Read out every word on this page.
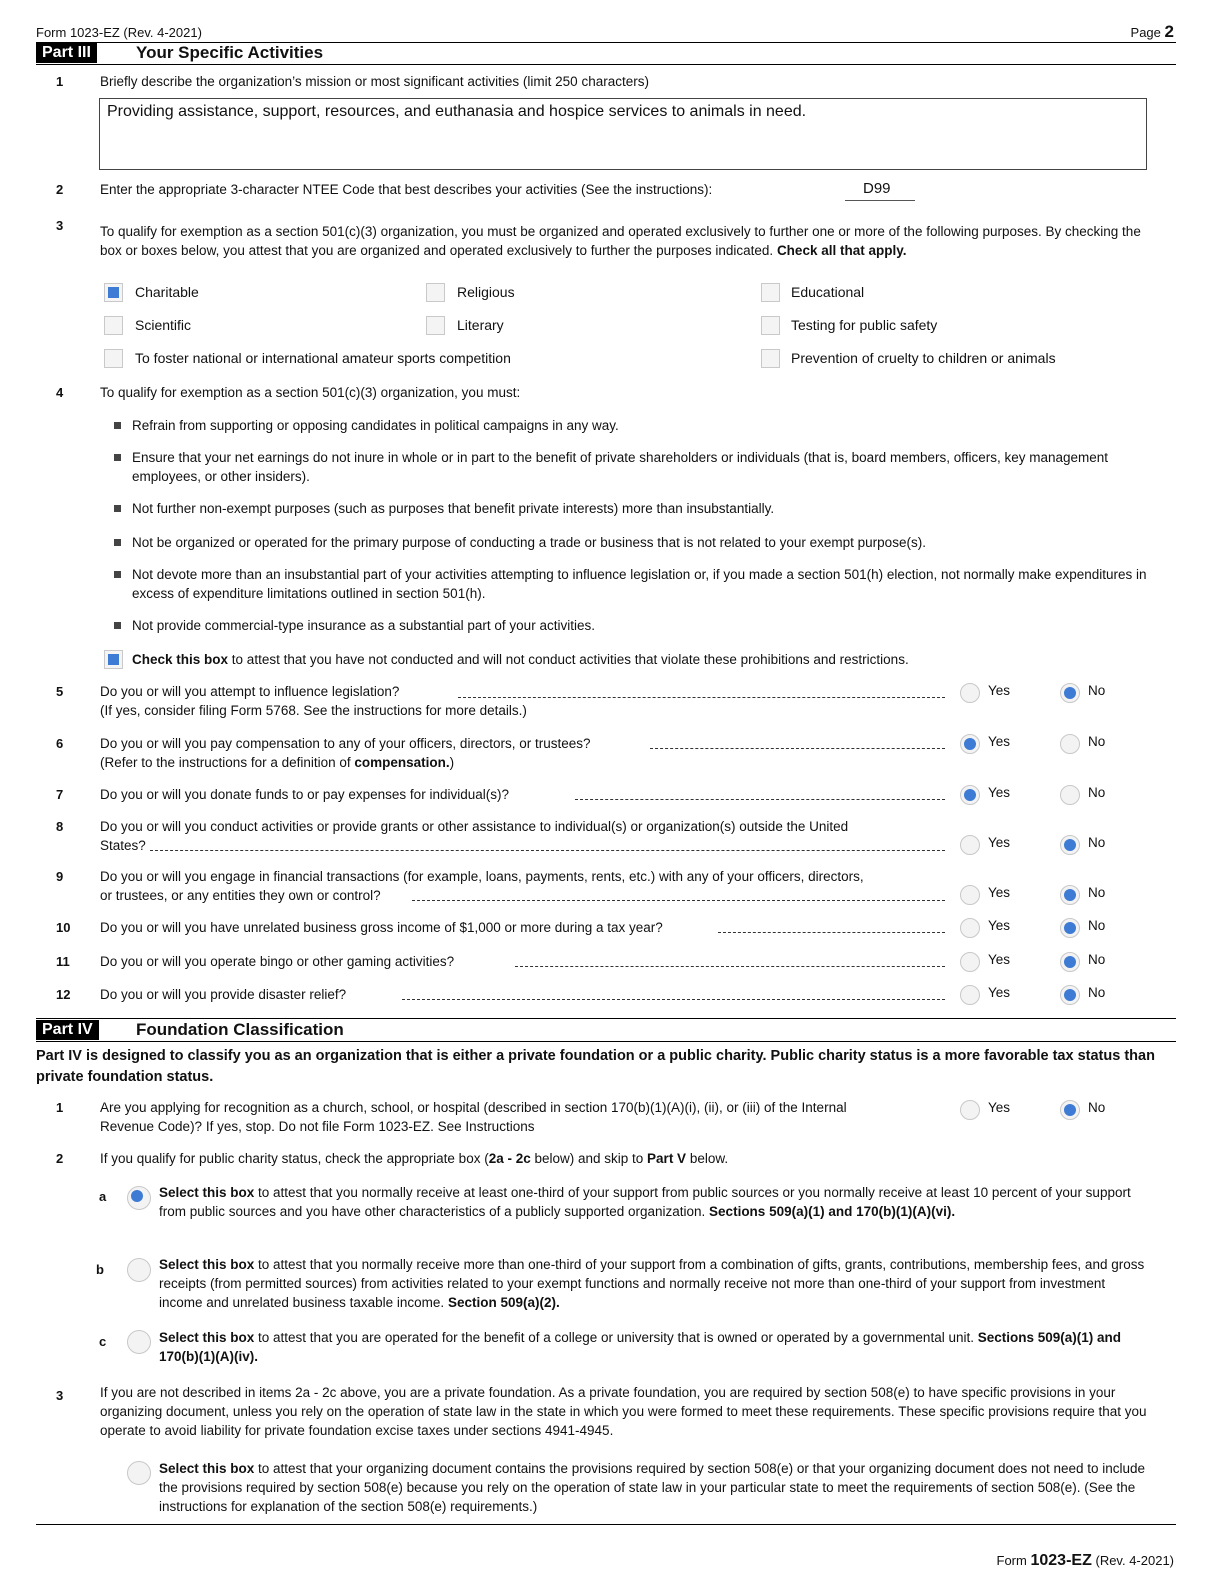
Form 1023-EZ (Rev. 4-2021)	Page 2
Part III	Your Specific Activities
1	Briefly describe the organization’s mission or most significant activities (limit 250 characters)
Providing assistance, support, resources, and euthanasia and hospice services to animals in need.
2	Enter the appropriate 3-character NTEE Code that best describes your activities (See the instructions):	D99
3	To qualify for exemption as a section 501(c)(3) organization, you must be organized and operated exclusively to further one or more of the following purposes. By checking the box or boxes below, you attest that you are organized and operated exclusively to further the purposes indicated. Check all that apply.
Charitable	Religious	Educational
Scientific	Literary	Testing for public safety
To foster national or international amateur sports competition	Prevention of cruelty to children or animals
4	To qualify for exemption as a section 501(c)(3) organization, you must:
Refrain from supporting or opposing candidates in political campaigns in any way.
Ensure that your net earnings do not inure in whole or in part to the benefit of private shareholders or individuals (that is, board members, officers, key management employees, or other insiders).
Not further non-exempt purposes (such as purposes that benefit private interests) more than insubstantially.
Not be organized or operated for the primary purpose of conducting a trade or business that is not related to your exempt purpose(s).
Not devote more than an insubstantial part of your activities attempting to influence legislation or, if you made a section 501(h) election, not normally make expenditures in excess of expenditure limitations outlined in section 501(h).
Not provide commercial-type insurance as a substantial part of your activities.
Check this box to attest that you have not conducted and will not conduct activities that violate these prohibitions and restrictions.
5	Do you or will you attempt to influence legislation?
(If yes, consider filing Form 5768. See the instructions for more details.)
Yes	No
6	Do you or will you pay compensation to any of your officers, directors, or trustees?
(Refer to the instructions for a definition of compensation.)
Yes	No
7	Do you or will you donate funds to or pay expenses for individual(s)?	Yes	No
8	Do you or will you conduct activities or provide grants or other assistance to individual(s) or organization(s) outside the United
States?	Yes	No
9	Do you or will you engage in financial transactions (for example, loans, payments, rents, etc.) with any of your officers, directors,
or trustees, or any entities they own or control?	Yes	No
10 Do you or will you have unrelated business gross income of $1,000 or more during a tax year?	Yes	No
11 Do you or will you operate bingo or other gaming activities?	Yes	No
12 Do you or will you provide disaster relief?	Yes	No
Part IV	Foundation Classification
Part IV is designed to classify you as an organization that is either a private foundation or a public charity. Public charity status is a more favorable tax status than private foundation status.
1	Are you applying for recognition as a church, school, or hospital (described in section 170(b)(1)(A)(i), (ii), or (iii) of the Internal
Revenue Code)? If yes, stop. Do not file Form 1023-EZ. See Instructions
Yes	No
2	If you qualify for public charity status, check the appropriate box (2a - 2c below) and skip to Part V below.
a	Select this box to attest that you normally receive at least one-third of your support from public sources or you normally receive at least 10 percent of your support from public sources and you have other characteristics of a publicly supported organization. Sections 509(a)(1) and 170(b)(1)(A)(vi).
b	Select this box to attest that you normally receive more than one-third of your support from a combination of gifts, grants, contributions, membership fees, and gross receipts (from permitted sources) from activities related to your exempt functions and normally receive not more than one-third of your support from investment income and unrelated business taxable income. Section 509(a)(2).
c	Select this box to attest that you are operated for the benefit of a college or university that is owned or operated by a governmental unit. Sections 509(a)(1) and 170(b)(1)(A)(iv).
3	If you are not described in items 2a - 2c above, you are a private foundation. As a private foundation, you are required by section 508(e) to have specific provisions in your organizing document, unless you rely on the operation of state law in the state in which you were formed to meet these requirements. These specific provisions require that you operate to avoid liability for private foundation excise taxes under sections 4941-4945.
Select this box to attest that your organizing document contains the provisions required by section 508(e) or that your organizing document does not need to include the provisions required by section 508(e) because you rely on the operation of state law in your particular state to meet the requirements of section 508(e). (See the instructions for explanation of the section 508(e) requirements.)
Form 1023-EZ (Rev. 4-2021)
